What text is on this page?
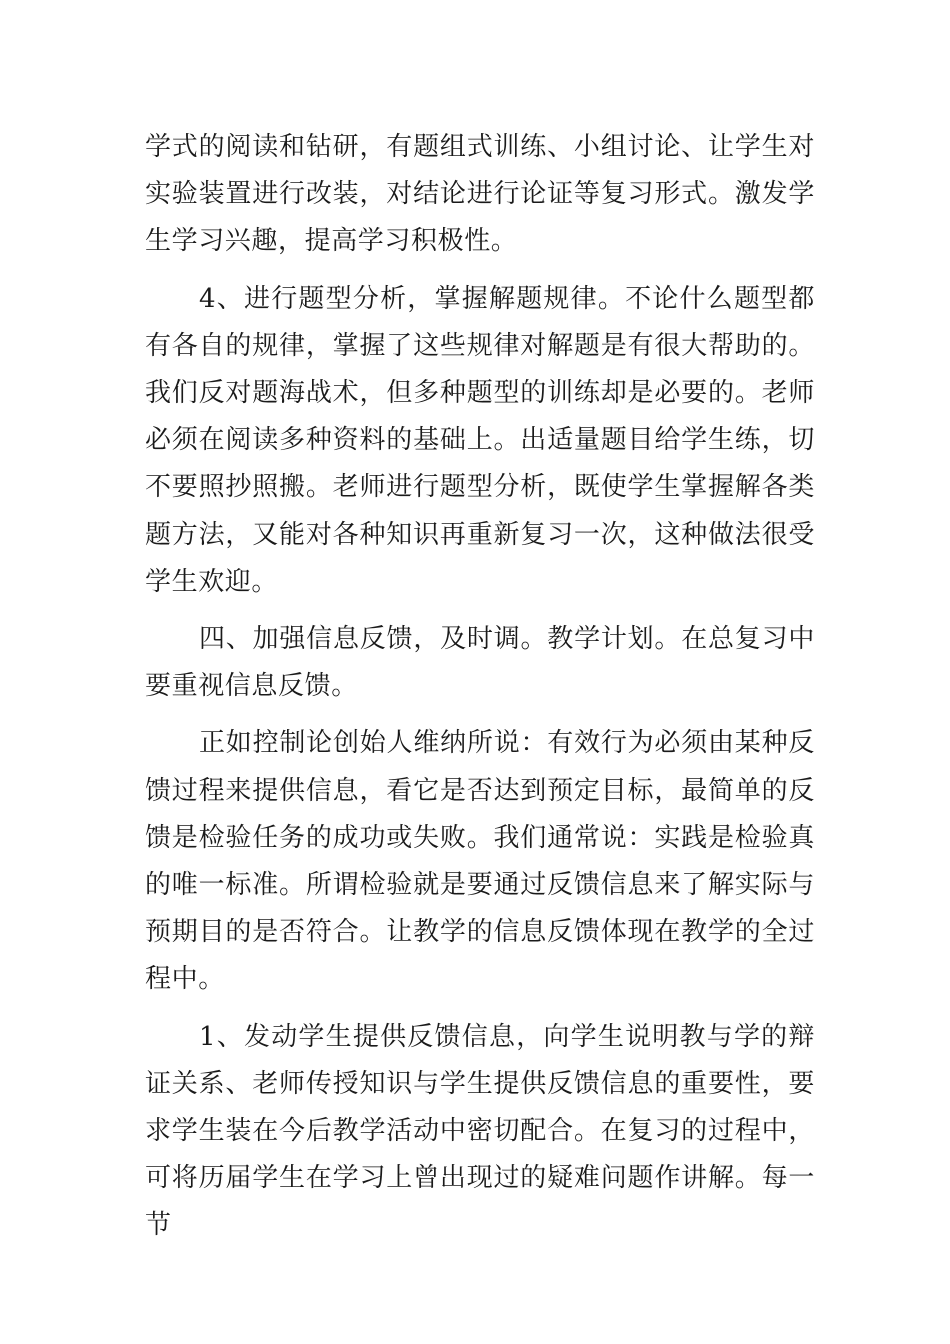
学式的阅读和钻研，有题组式训练、小组讨论、让学生对实验装置进行改装，对结论进行论证等复习形式。激发学生学习兴趣，提高学习积极性。

4、进行题型分析，掌握解题规律。不论什么题型都有各自的规律，掌握了这些规律对解题是有很大帮助的。我们反对题海战术，但多种题型的训练却是必要的。老师必须在阅读多种资料的基础上。出适量题目给学生练，切不要照抄照搬。老师进行题型分析，既使学生掌握解各类题方法，又能对各种知识再重新复习一次，这种做法很受学生欢迎。

四、加强信息反馈，及时调。教学计划。在总复习中要重视信息反馈。

正如控制论创始人维纳所说：有效行为必须由某种反馈过程来提供信息，看它是否达到预定目标，最简单的反馈是检验任务的成功或失败。我们通常说：实践是检验真的唯一标准。所谓检验就是要通过反馈信息来了解实际与预期目的是否符合。让教学的信息反馈体现在教学的全过程中。

1、发动学生提供反馈信息，向学生说明教与学的辩证关系、老师传授知识与学生提供反馈信息的重要性，要求学生装在今后教学活动中密切配合。在复习的过程中，可将历届学生在学习上曾出现过的疑难问题作讲解。每一节
